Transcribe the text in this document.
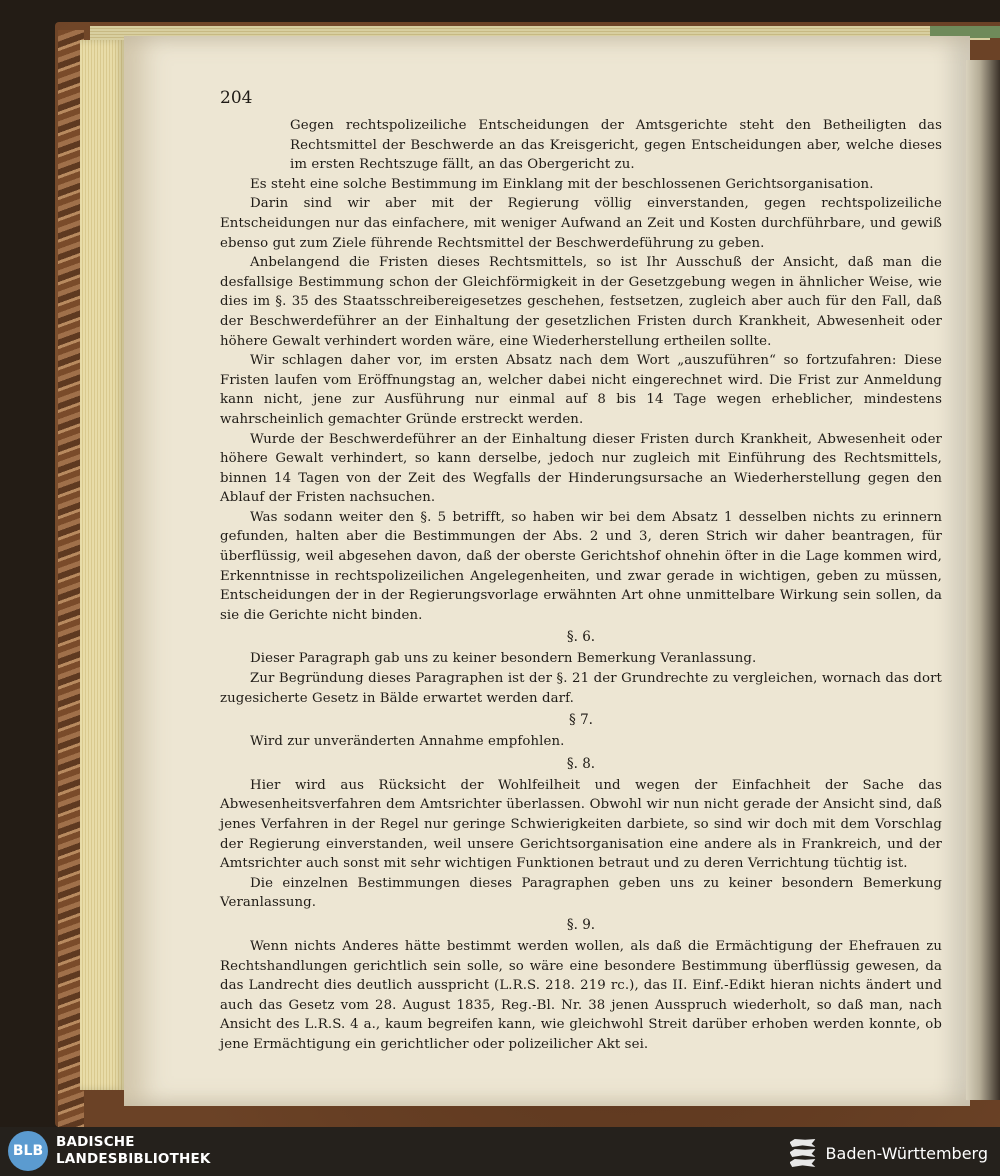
204

Gegen rechtspolizeiliche Entscheidungen der Amtsgerichte steht den Betheiligten das Rechtsmittel der Beschwerde an das Kreisgericht, gegen Entscheidungen aber, welche dieses im ersten Rechtszuge fällt, an das Obergericht zu.

Es steht eine solche Bestimmung im Einklang mit der beschlossenen Gerichtsorganisation.

Darin sind wir aber mit der Regierung völlig einverstanden, gegen rechtspolizeiliche Entscheidungen nur das einfachere, mit weniger Aufwand an Zeit und Kosten durchführbare, und gewiß ebenso gut zum Ziele führende Rechtsmittel der Beschwerdeführung zu geben.

Anbelangend die Fristen dieses Rechtsmittels, so ist Ihr Ausschuß der Ansicht, daß man die desfallsige Bestimmung schon der Gleichförmigkeit in der Gesetzgebung wegen in ähnlicher Weise, wie dies im §. 35 des Staatsschreibereigesetzes geschehen, festsetzen, zugleich aber auch für den Fall, daß der Beschwerdeführer an der Einhaltung der gesetzlichen Fristen durch Krankheit, Abwesenheit oder höhere Gewalt verhindert worden wäre, eine Wiederherstellung ertheilen sollte.

Wir schlagen daher vor, im ersten Absatz nach dem Wort „auszuführen“ so fortzufahren: Diese Fristen laufen vom Eröffnungstag an, welcher dabei nicht eingerechnet wird. Die Frist zur Anmeldung kann nicht, jene zur Ausführung nur einmal auf 8 bis 14 Tage wegen erheblicher, mindestens wahrscheinlich gemachter Gründe erstreckt werden.

Wurde der Beschwerdeführer an der Einhaltung dieser Fristen durch Krankheit, Abwesenheit oder höhere Gewalt verhindert, so kann derselbe, jedoch nur zugleich mit Einführung des Rechtsmittels, binnen 14 Tagen von der Zeit des Wegfalls der Hinderungsursache an Wiederherstellung gegen den Ablauf der Fristen nachsuchen.

Was sodann weiter den §. 5 betrifft, so haben wir bei dem Absatz 1 desselben nichts zu erinnern gefunden, halten aber die Bestimmungen der Abs. 2 und 3, deren Strich wir daher beantragen, für überflüssig, weil abgesehen davon, daß der oberste Gerichtshof ohnehin öfter in die Lage kommen wird, Erkenntnisse in rechtspolizeilichen Angelegenheiten, und zwar gerade in wichtigen, geben zu müssen, Entscheidungen der in der Regierungsvorlage erwähnten Art ohne unmittelbare Wirkung sein sollen, da sie die Gerichte nicht binden.

§. 6.

Dieser Paragraph gab uns zu keiner besondern Bemerkung Veranlassung.

Zur Begründung dieses Paragraphen ist der §. 21 der Grundrechte zu vergleichen, wornach das dort zugesicherte Gesetz in Bälde erwartet werden darf.

§ 7.

Wird zur unveränderten Annahme empfohlen.

§. 8.

Hier wird aus Rücksicht der Wohlfeilheit und wegen der Einfachheit der Sache das Abwesenheitsverfahren dem Amtsrichter überlassen. Obwohl wir nun nicht gerade der Ansicht sind, daß jenes Verfahren in der Regel nur geringe Schwierigkeiten darbiete, so sind wir doch mit dem Vorschlag der Regierung einverstanden, weil unsere Gerichtsorganisation eine andere als in Frankreich, und der Amtsrichter auch sonst mit sehr wichtigen Funktionen betraut und zu deren Verrichtung tüchtig ist.

Die einzelnen Bestimmungen dieses Paragraphen geben uns zu keiner besondern Bemerkung Veranlassung.

§. 9.

Wenn nichts Anderes hätte bestimmt werden wollen, als daß die Ermächtigung der Ehefrauen zu Rechtshandlungen gerichtlich sein solle, so wäre eine besondere Bestimmung überflüssig gewesen, da das Landrecht dies deutlich ausspricht (L.R.S. 218. 219 rc.), das II. Einf.-Edikt hieran nichts ändert und auch das Gesetz vom 28. August 1835, Reg.-Bl. Nr. 38 jenen Ausspruch wiederholt, so daß man, nach Ansicht des L.R.S. 4 a., kaum begreifen kann, wie gleichwohl Streit darüber erhoben werden konnte, ob jene Ermächtigung ein gerichtlicher oder polizeilicher Akt sei.

BLB
BADISCHE
LANDESBIBLIOTHEK	Baden-Württemberg
